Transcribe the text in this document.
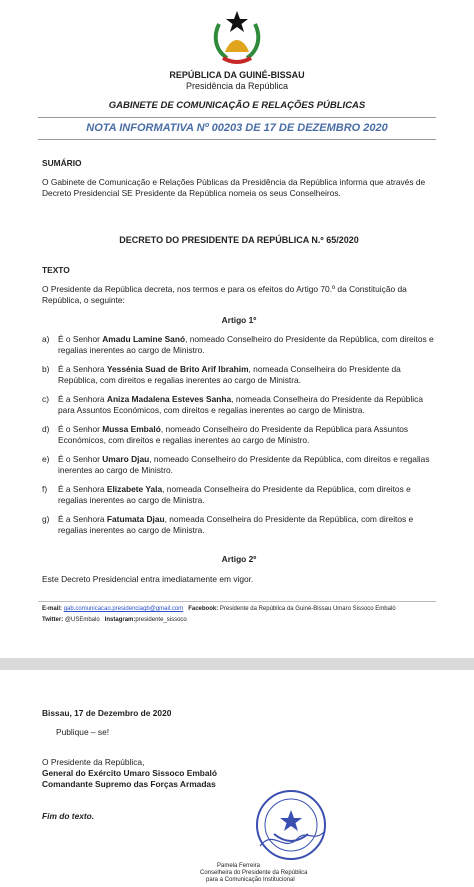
REPÚBLICA DA GUINÉ-BISSAU
Presidência da República
GABINETE DE COMUNICAÇÃO E RELAÇÕES PÚBLICAS
NOTA INFORMATIVA Nº 00203 DE 17 DE DEZEMBRO 2020
SUMÁRIO
O Gabinete de Comunicação e Relações Públicas da Presidência da República informa que através de Decreto Presidencial SE Presidente da República nomeia os seus Conselheiros.
DECRETO DO PRESIDENTE DA REPÚBLICA N.º 65/2020
TEXTO
O Presidente da República decreta, nos termos e para os efeitos do Artigo 70.º da Constituição da República, o seguinte:
Artigo 1º
a) É o Senhor Amadu Lamine Sanó, nomeado Conselheiro do Presidente da República, com direitos e regalias inerentes ao cargo de Ministro.
b) É a Senhora Yessénia Suad de Brito Arif Ibrahim, nomeada Conselheira do Presidente da República, com direitos e regalias inerentes ao cargo de Ministra.
c) É a Senhora Aniza Madalena Esteves Sanha, nomeada Conselheira do Presidente da República para Assuntos Económicos, com direitos e regalias inerentes ao cargo de Ministra.
d) É o Senhor Mussa Embaló, nomeado Conselheiro do Presidente da República para Assuntos Económicos, com direitos e regalias inerentes ao cargo de Ministro.
e) É o Senhor Umaro Djau, nomeado Conselheiro do Presidente da República, com direitos e regalias inerentes ao cargo de Ministro.
f) É a Senhora Elizabete Yala, nomeada Conselheira do Presidente da República, com direitos e regalias inerentes ao cargo de Ministra.
g) É a Senhora Fatumata Djau, nomeada Conselheira do Presidente da República, com direitos e regalias inerentes ao cargo de Ministra.
Artigo 2º
Este Decreto Presidencial entra imediatamente em vigor.
E-mail: gab.comunicacao.presidenciagb@gmail.com Facebook: Presidente da República da Guiné-Bissau Umaro Sissoco Embaló
Twitter: @USEmbalo Instagram:presidente_sissoco
Bissau, 17 de Dezembro de 2020
Publique – se!
O Presidente da República,
General do Exército Umaro Sissoco Embaló
Comandante Supremo das Forças Armadas
Fim do texto.
Pamela Ferreira
Conselheira do Presidente da República
para a Comunicação Institucional
